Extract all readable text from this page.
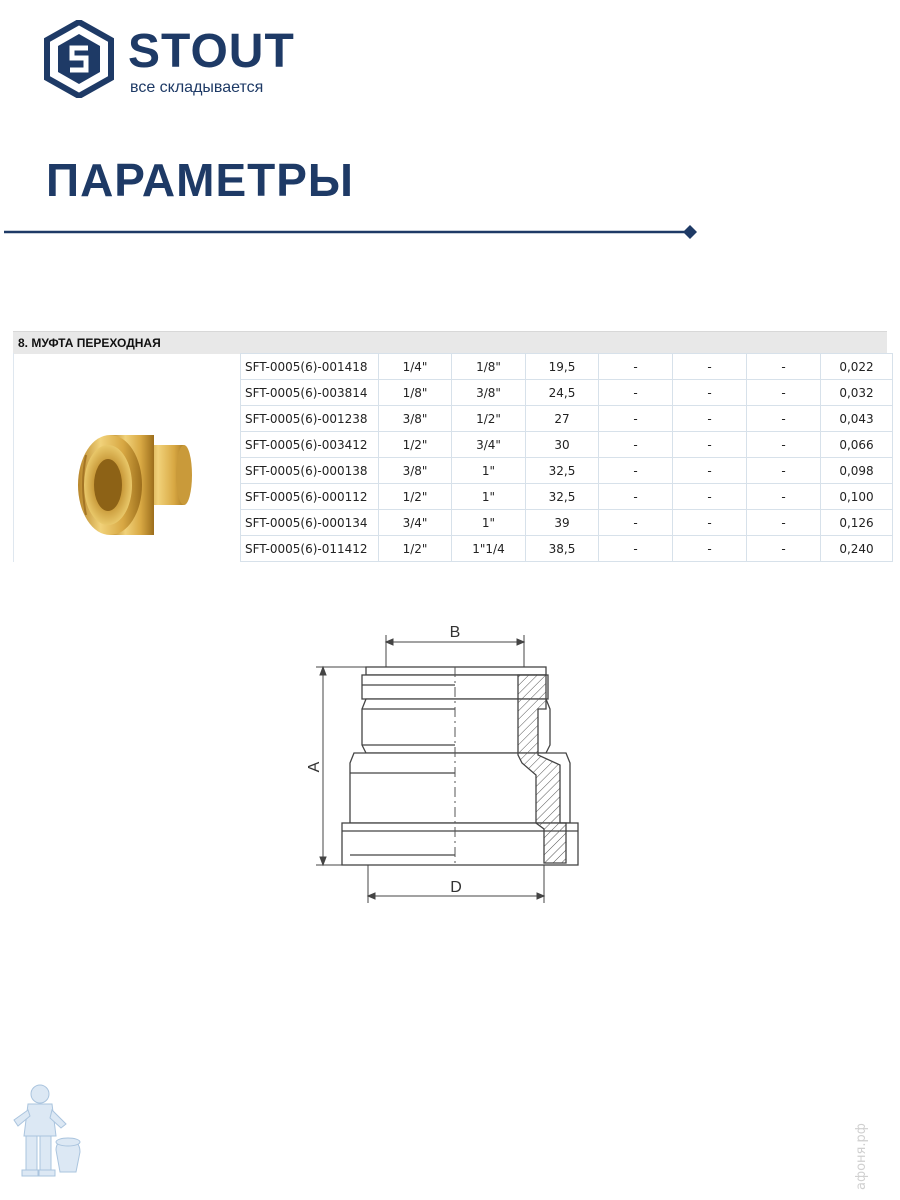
STOUT
все складывается
ПАРАМЕТРЫ
8. МУФТА ПЕРЕХОДНАЯ
SFT-0005(6)-001418	1/4"	1/8"	19,5	-	-	-	0,022
SFT-0005(6)-003814	1/8"	3/8"	24,5	-	-	-	0,032
SFT-0005(6)-001238	3/8"	1/2"	27	-	-	-	0,043
SFT-0005(6)-003412	1/2"	3/4"	30	-	-	-	0,066
SFT-0005(6)-000138	3/8"	1"	32,5	-	-	-	0,098
SFT-0005(6)-000112	1/2"	1"	32,5	-	-	-	0,100
SFT-0005(6)-000134	3/4"	1"	39	-	-	-	0,126
SFT-0005(6)-011412	1/2"	1"1/4	38,5	-	-	-	0,240
B
A
D
афоня.рф
